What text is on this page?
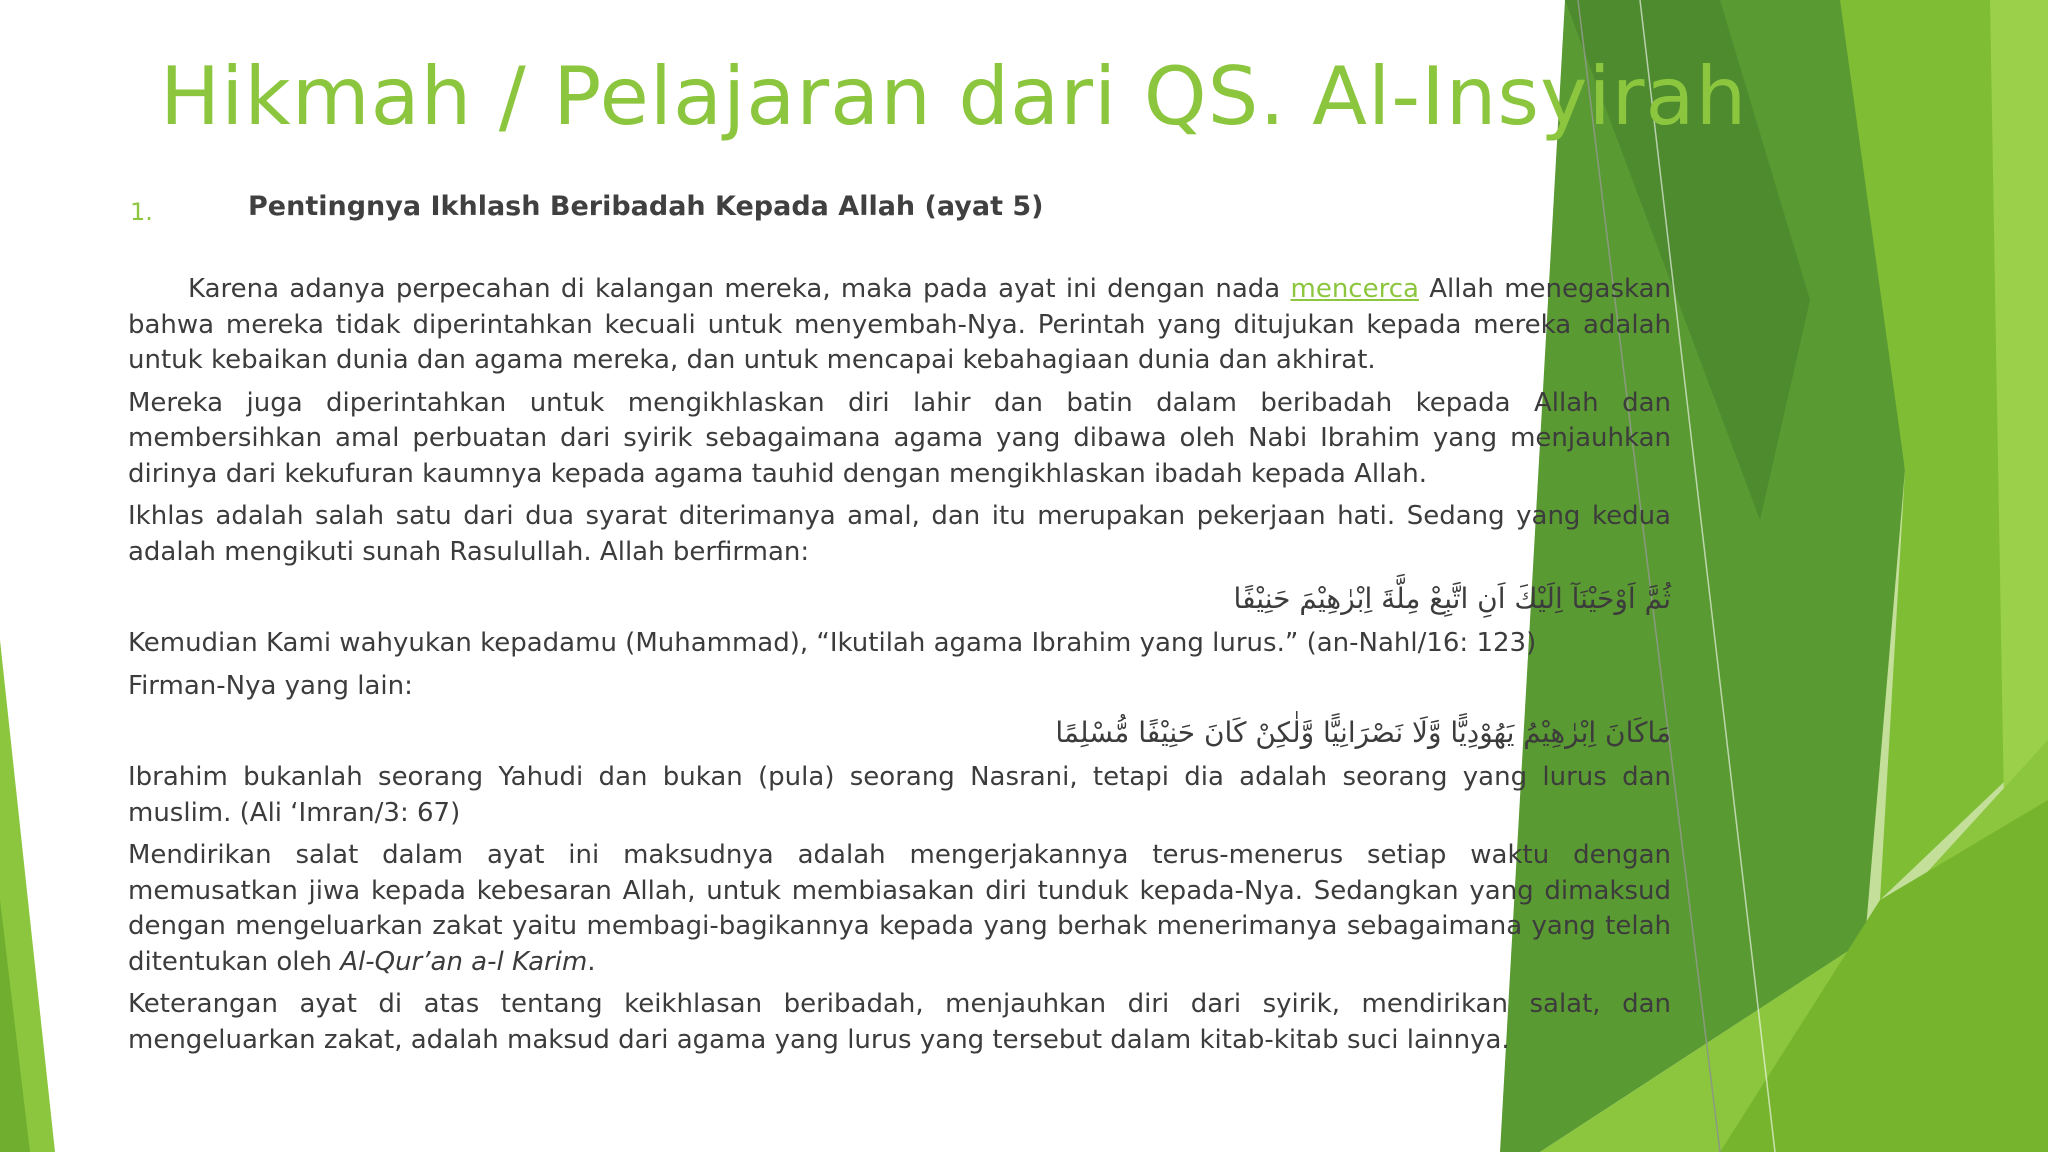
Hikmah / Pelajaran dari QS. Al-Insyirah
1.	Pentingnya Ikhlash Beribadah Kepada Allah (ayat 5)

Karena adanya perpecahan di kalangan mereka, maka pada ayat ini dengan nada mencerca Allah menegaskan bahwa mereka tidak diperintahkan kecuali untuk menyembah-Nya. Perintah yang ditujukan kepada mereka adalah untuk kebaikan dunia dan agama mereka, dan untuk mencapai kebahagiaan dunia dan akhirat.

Mereka juga diperintahkan untuk mengikhlaskan diri lahir dan batin dalam beribadah kepada Allah dan membersihkan amal perbuatan dari syirik sebagaimana agama yang dibawa oleh Nabi Ibrahim yang menjauhkan dirinya dari kekufuran kaumnya kepada agama tauhid dengan mengikhlaskan ibadah kepada Allah.

Ikhlas adalah salah satu dari dua syarat diterimanya amal, dan itu merupakan pekerjaan hati. Sedang yang kedua adalah mengikuti sunah Rasulullah. Allah berfirman:

ثُمَّ اَوْحَيْنَآ اِلَيْكَ اَنِ اتَّبِعْ مِلَّةَ اِبْرٰهِيْمَ حَنِيْفًا

Kemudian Kami wahyukan kepadamu (Muhammad), “Ikutilah agama Ibrahim yang lurus.” (an-Nahl/16: 123)

Firman-Nya yang lain:

مَاكَانَ اِبْرٰهِيْمُ يَهُوْدِيًّا وَّلَا نَصْرَانِيًّا وَّلٰكِنْ كَانَ حَنِيْفًا مُّسْلِمًا

Ibrahim bukanlah seorang Yahudi dan bukan (pula) seorang Nasrani, tetapi dia adalah seorang yang lurus dan muslim. (Ali ‘Imran/3: 67)

Mendirikan salat dalam ayat ini maksudnya adalah mengerjakannya terus-menerus setiap waktu dengan memusatkan jiwa kepada kebesaran Allah, untuk membiasakan diri tunduk kepada-Nya. Sedangkan yang dimaksud dengan mengeluarkan zakat yaitu membagi-bagikannya kepada yang berhak menerimanya sebagaimana yang telah ditentukan oleh Al-Qur’an a-l Karim.

Keterangan ayat di atas tentang keikhlasan beribadah, menjauhkan diri dari syirik, mendirikan salat, dan mengeluarkan zakat, adalah maksud dari agama yang lurus yang tersebut dalam kitab-kitab suci lainnya.
